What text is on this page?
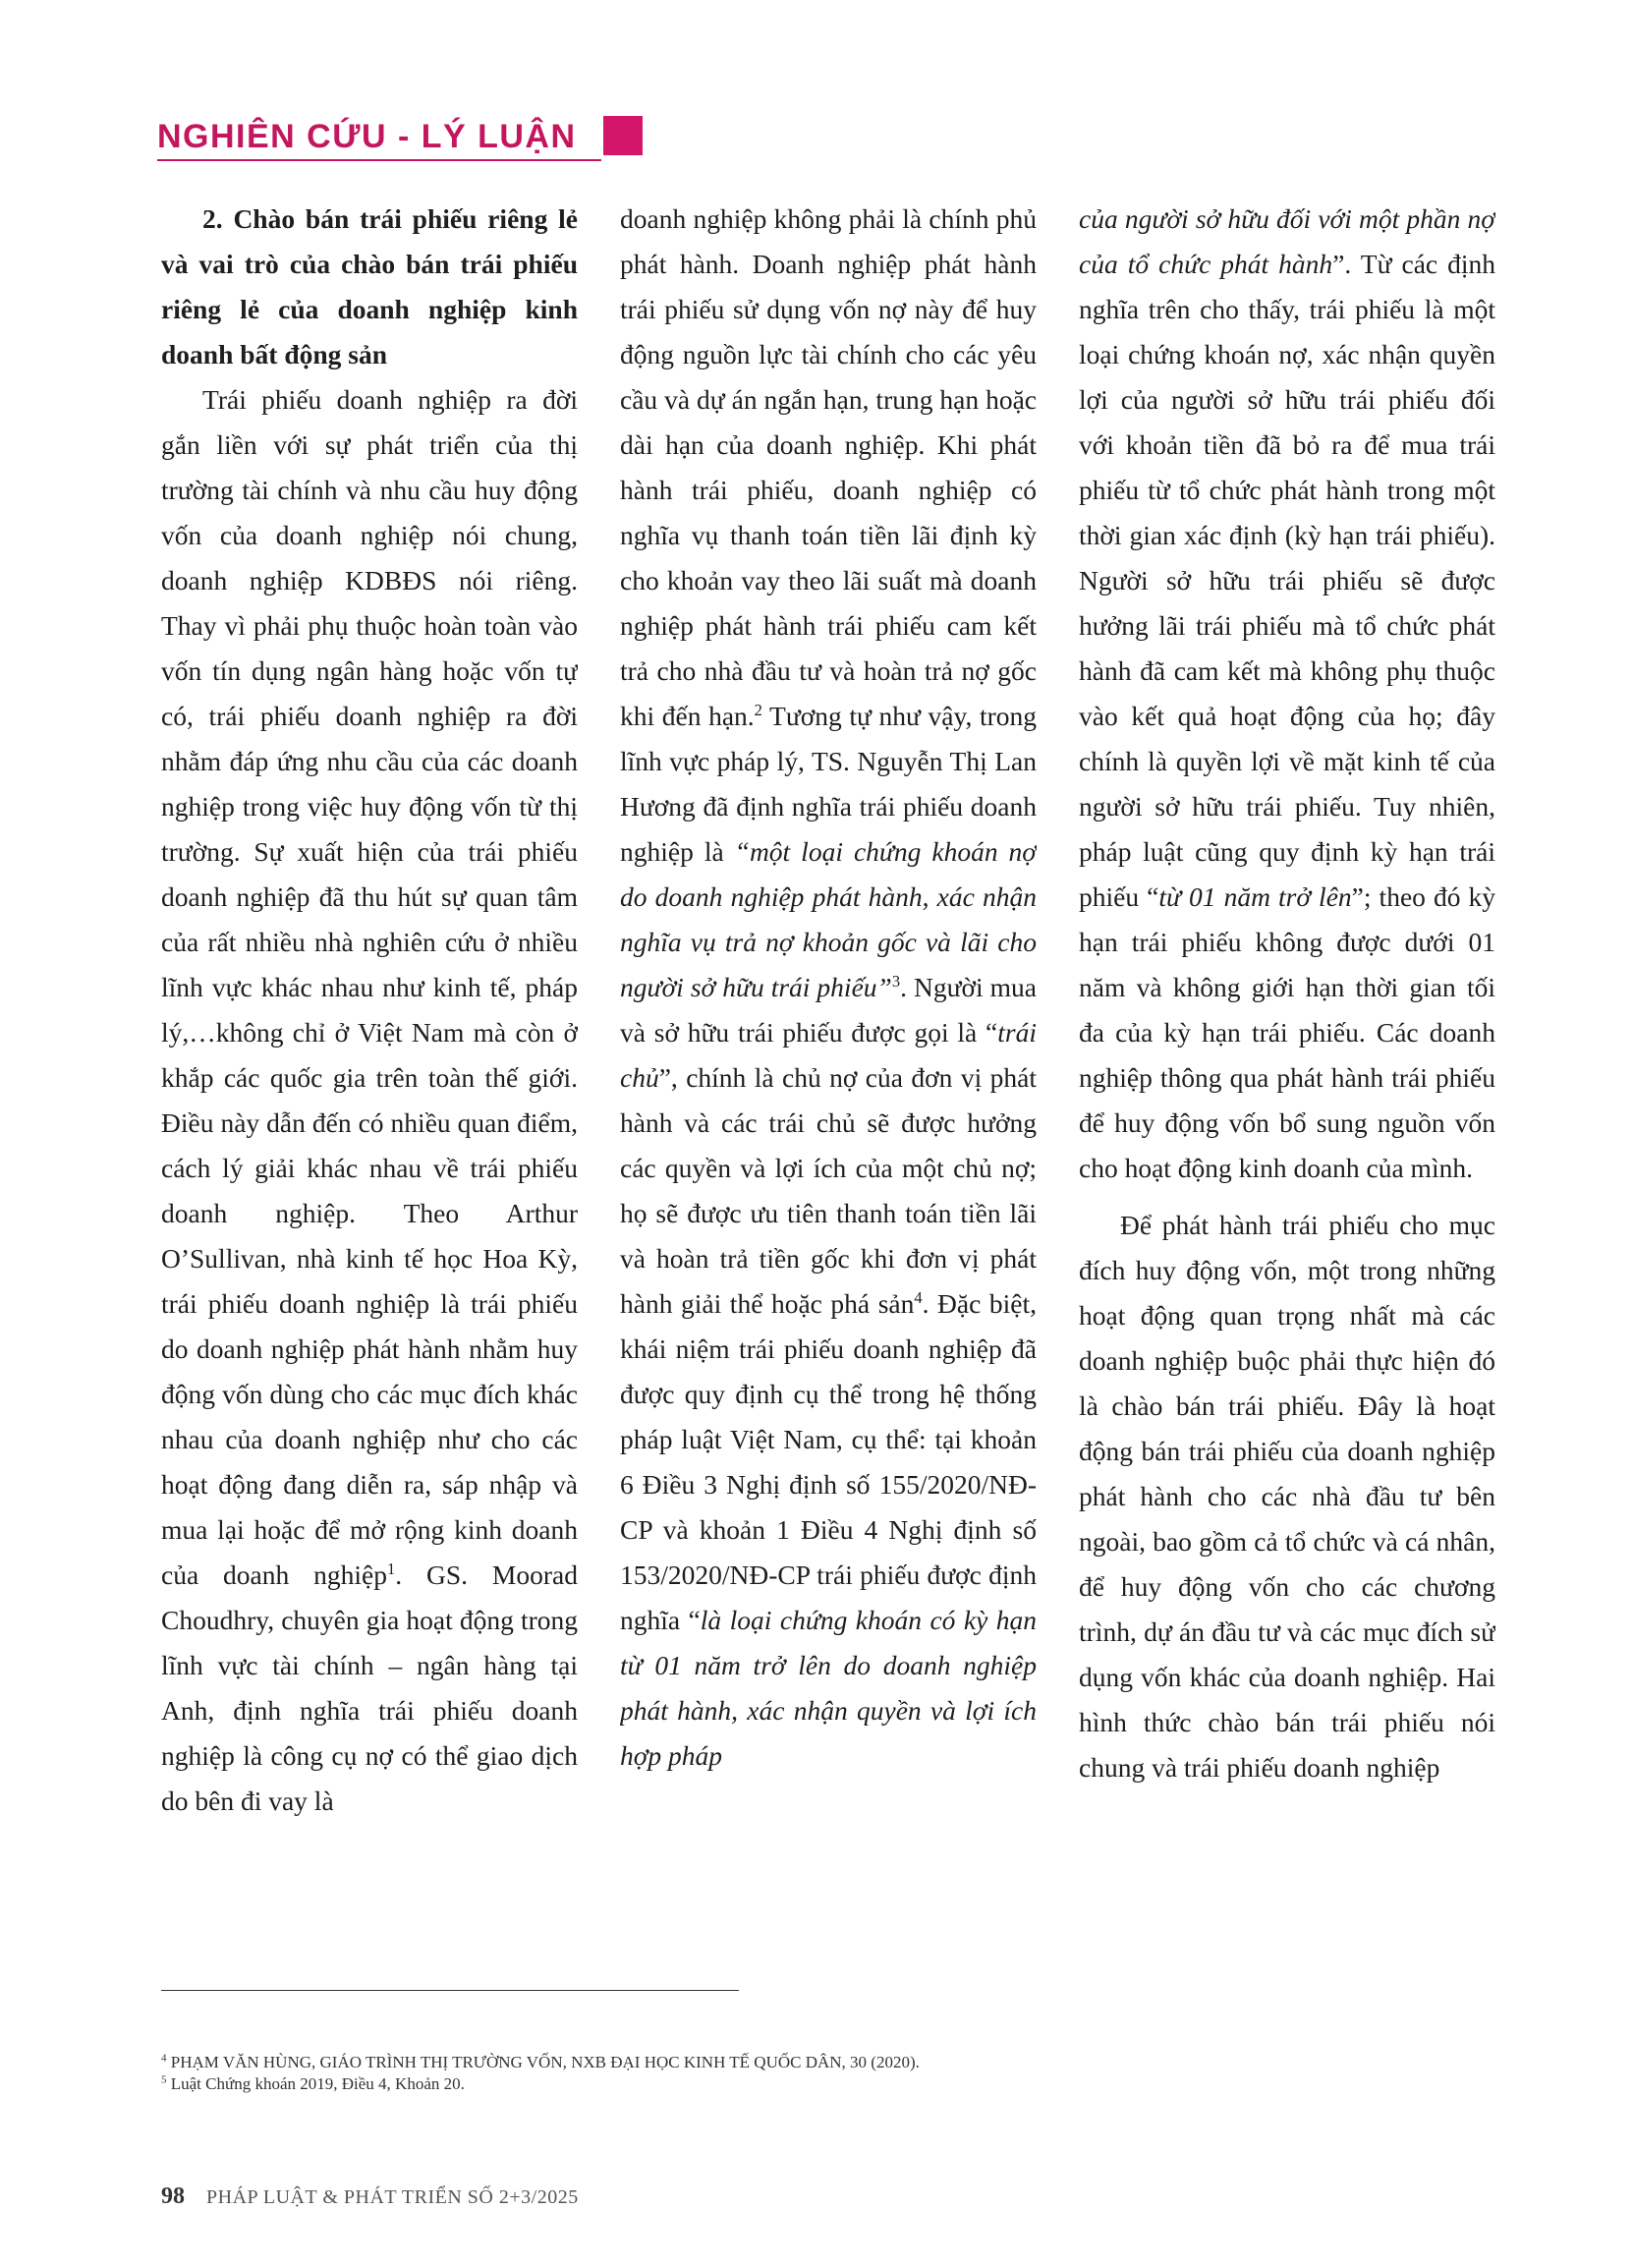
NGHIÊN CỨU - LÝ LUẬN

2. Chào bán trái phiếu riêng lẻ và vai trò của chào bán trái phiếu riêng lẻ của doanh nghiệp kinh doanh bất động sản

Trái phiếu doanh nghiệp ra đời gắn liền với sự phát triển của thị trường tài chính và nhu cầu huy động vốn của doanh nghiệp nói chung, doanh nghiệp KDBĐS nói riêng. Thay vì phải phụ thuộc hoàn toàn vào vốn tín dụng ngân hàng hoặc vốn tự có, trái phiếu doanh nghiệp ra đời nhằm đáp ứng nhu cầu của các doanh nghiệp trong việc huy động vốn từ thị trường. Sự xuất hiện của trái phiếu doanh nghiệp đã thu hút sự quan tâm của rất nhiều nhà nghiên cứu ở nhiều lĩnh vực khác nhau như kinh tế, pháp lý,…không chỉ ở Việt Nam mà còn ở khắp các quốc gia trên toàn thế giới. Điều này dẫn đến có nhiều quan điểm, cách lý giải khác nhau về trái phiếu doanh nghiệp. Theo Arthur O’Sullivan, nhà kinh tế học Hoa Kỳ, trái phiếu doanh nghiệp là trái phiếu do doanh nghiệp phát hành nhằm huy động vốn dùng cho các mục đích khác nhau của doanh nghiệp như cho các hoạt động đang diễn ra, sáp nhập và mua lại hoặc để mở rộng kinh doanh của doanh nghiệp$^1$. GS. Moorad Choudhry, chuyên gia hoạt động trong lĩnh vực tài chính – ngân hàng tại Anh, định nghĩa trái phiếu doanh nghiệp là công cụ nợ có thể giao dịch do bên đi vay là

doanh nghiệp không phải là chính phủ phát hành. Doanh nghiệp phát hành trái phiếu sử dụng vốn nợ này để huy động nguồn lực tài chính cho các yêu cầu và dự án ngắn hạn, trung hạn hoặc dài hạn của doanh nghiệp. Khi phát hành trái phiếu, doanh nghiệp có nghĩa vụ thanh toán tiền lãi định kỳ cho khoản vay theo lãi suất mà doanh nghiệp phát hành trái phiếu cam kết trả cho nhà đầu tư và hoàn trả nợ gốc khi đến hạn.$^2$ Tương tự như vậy, trong lĩnh vực pháp lý, TS. Nguyễn Thị Lan Hương đã định nghĩa trái phiếu doanh nghiệp là “một loại chứng khoán nợ do doanh nghiệp phát hành, xác nhận nghĩa vụ trả nợ khoản gốc và lãi cho người sở hữu trái phiếu”$^3$. Người mua và sở hữu trái phiếu được gọi là “trái chủ”, chính là chủ nợ của đơn vị phát hành và các trái chủ sẽ được hưởng các quyền và lợi ích của một chủ nợ; họ sẽ được ưu tiên thanh toán tiền lãi và hoàn trả tiền gốc khi đơn vị phát hành giải thể hoặc phá sản$^4$. Đặc biệt, khái niệm trái phiếu doanh nghiệp đã được quy định cụ thể trong hệ thống pháp luật Việt Nam, cụ thể: tại khoản 6 Điều 3 Nghị định số 155/2020/NĐ-CP và khoản 1 Điều 4 Nghị định số 153/2020/NĐ-CP trái phiếu được định nghĩa “là loại chứng khoán có kỳ hạn từ 01 năm trở lên do doanh nghiệp phát hành, xác nhận quyền và lợi ích hợp pháp

của người sở hữu đối với một phần nợ của tổ chức phát hành”. Từ các định nghĩa trên cho thấy, trái phiếu là một loại chứng khoán nợ, xác nhận quyền lợi của người sở hữu trái phiếu đối với khoản tiền đã bỏ ra để mua trái phiếu từ tổ chức phát hành trong một thời gian xác định (kỳ hạn trái phiếu). Người sở hữu trái phiếu sẽ được hưởng lãi trái phiếu mà tổ chức phát hành đã cam kết mà không phụ thuộc vào kết quả hoạt động của họ; đây chính là quyền lợi về mặt kinh tế của người sở hữu trái phiếu. Tuy nhiên, pháp luật cũng quy định kỳ hạn trái phiếu “từ 01 năm trở lên”; theo đó kỳ hạn trái phiếu không được dưới 01 năm và không giới hạn thời gian tối đa của kỳ hạn trái phiếu. Các doanh nghiệp thông qua phát hành trái phiếu để huy động vốn bổ sung nguồn vốn cho hoạt động kinh doanh của mình.

Để phát hành trái phiếu cho mục đích huy động vốn, một trong những hoạt động quan trọng nhất mà các doanh nghiệp buộc phải thực hiện đó là chào bán trái phiếu. Đây là hoạt động bán trái phiếu của doanh nghiệp phát hành cho các nhà đầu tư bên ngoài, bao gồm cả tổ chức và cá nhân, để huy động vốn cho các chương trình, dự án đầu tư và các mục đích sử dụng vốn khác của doanh nghiệp. Hai hình thức chào bán trái phiếu nói chung và trái phiếu doanh nghiệp

$^4$ PHẠM VĂN HÙNG, GIÁO TRÌNH THỊ TRƯỜNG VỐN, NXB ĐẠI HỌC KINH TẾ QUỐC DÂN, 30 (2020).

$^5$ Luật Chứng khoán 2019, Điều 4, Khoản 20.

98 PHÁP LUẬT & PHÁT TRIỂN SỐ 2+3/2025
